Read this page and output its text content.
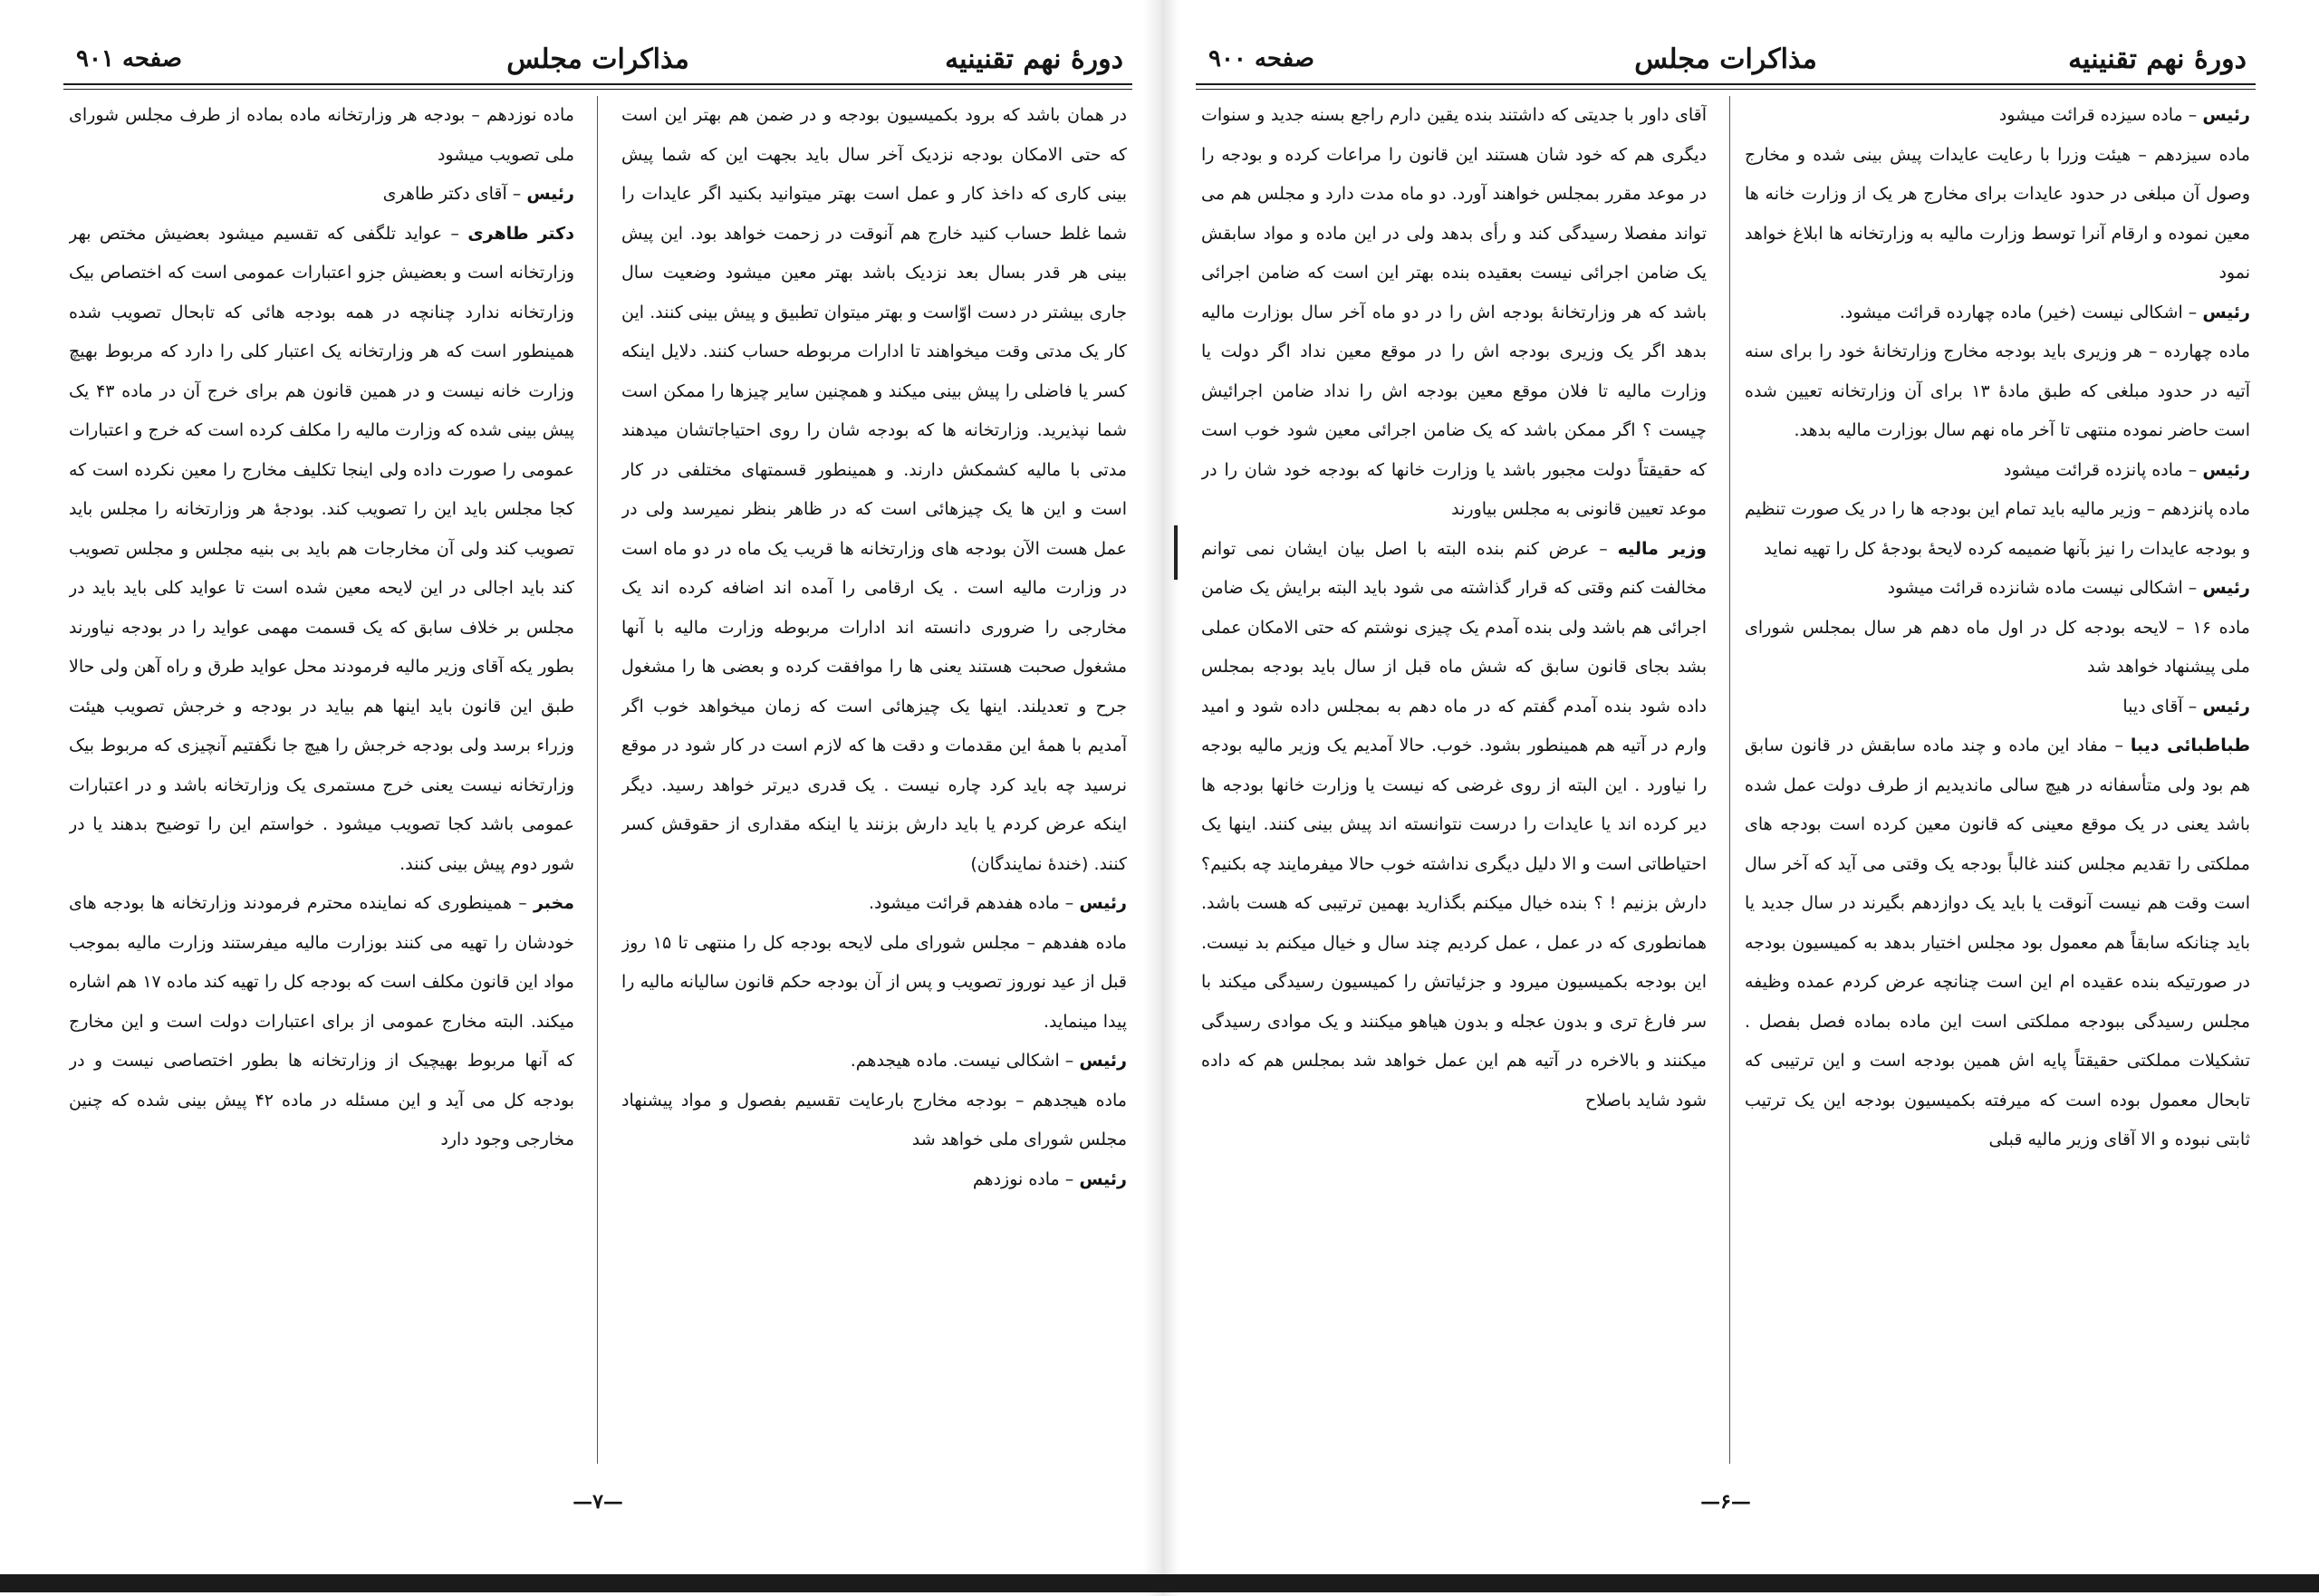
دورهٔ نهم تقنینیه
مذاکرات مجلس
صفحه ۹۰۱

در همان باشد که برود بکمیسیون بودجه و در ضمن هم بهتر این است که حتی الامکان بودجه نزدیک آخر سال باید بجهت این که شما پیش بینی کاری که داخذ کار و عمل است بهتر میتوانید بکنید اگر عایدات را شما غلط حساب کنید خارج هم آنوقت در زحمت خواهد بود. این پیش بینی هر قدر بسال بعد نزدیک باشد بهتر معین میشود وضعیت سال جاری بیشتر در دست اوّاست و بهتر میتوان تطبیق و پیش بینی کنند. این کار یک مدتی وقت میخواهند تا ادارات مربوطه حساب کنند. دلایل اینکه کسر یا فاضلی را پیش بینی میکند و همچنین سایر چیزها را ممکن است شما نپذیرید. وزارتخانه ها که بودجه شان را روی احتیاجاتشان میدهند مدتی با مالیه کشمکش دارند. و همینطور قسمتهای مختلفی در کار است و این ها یک چیزهائی است که در ظاهر بنظر نمیرسد ولی در عمل هست الآن بودجه های وزارتخانه ها قریب یک ماه در دو ماه است در وزارت مالیه است . یک ارقامی را آمده اند اضافه کرده اند یک مخارجی را ضروری دانسته اند ادارات مربوطه وزارت مالیه با آنها مشغول صحبت هستند یعنی ها را موافقت کرده و بعضی ها را مشغول جرح و تعدیلند. اینها یک چیزهائی است که زمان میخواهد خوب اگر آمدیم با همهٔ این مقدمات و دقت ها که لازم است در کار شود در موقع نرسید چه باید کرد چاره نیست . یک قدری دیرتر خواهد رسید. دیگر اینکه عرض کردم یا باید دارش بزنند یا اینکه مقداری از حقوقش کسر کنند. (خندهٔ نمایندگان)

رئیس – ماده هفدهم قرائت میشود.

ماده هفدهم – مجلس شورای ملی لایحه بودجه کل را منتهی تا ۱۵ روز قبل از عید نوروز تصویب و پس از آن بودجه حکم قانون سالیانه مالیه را پیدا مینماید.

رئیس – اشکالی نیست. ماده هیجدهم.

ماده هیجدهم – بودجه مخارج بارعایت تقسیم بفصول و مواد پیشنهاد مجلس شورای ملی خواهد شد

رئیس – ماده نوزدهم

ماده نوزدهم – بودجه هر وزارتخانه ماده بماده از طرف مجلس شورای ملی تصویب میشود

رئیس – آقای دکتر طاهری

دکتر طاهری – عواید تلگفی که تقسیم میشود بعضیش مختص بهر وزارتخانه است و بعضیش جزو اعتبارات عمومی است که اختصاص بیک وزارتخانه ندارد چنانچه در همه بودجه هائی که تابحال تصویب شده همینطور است که هر وزارتخانه یک اعتبار کلی را دارد که مربوط بهیچ وزارت خانه نیست و در همین قانون هم برای خرج آن در ماده ۴۳ یک پیش بینی شده که وزارت مالیه را مکلف کرده است که خرج و اعتبارات عمومی را صورت داده ولی اینجا تکلیف مخارج را معین نکرده است که کجا مجلس باید این را تصویب کند. بودجهٔ هر وزارتخانه را مجلس باید تصویب کند ولی آن مخارجات هم باید بی بنیه مجلس و مجلس تصویب کند باید اجالی در این لایحه معین شده است تا عواید کلی باید باید در مجلس بر خلاف سابق که یک قسمت مهمی عواید را در بودجه نیاورند بطور یکه آقای وزیر مالیه فرمودند محل عواید طرق و راه آهن ولی حالا طبق این قانون باید اینها هم بیاید در بودجه و خرجش تصویب هیئت وزراء برسد ولی بودجه خرجش را هیچ جا نگفتیم آنچیزی که مربوط بیک وزارتخانه نیست یعنی خرج مستمری یک وزارتخانه باشد و در اعتبارات عمومی باشد کجا تصویب میشود . خواستم این را توضیح بدهند یا در شور دوم پیش بینی کنند.

مخبر – همینطوری که نماینده محترم فرمودند وزارتخانه ها بودجه های خودشان را تهیه می کنند بوزارت مالیه میفرستند وزارت مالیه بموجب مواد این قانون مکلف است که بودجه کل را تهیه کند ماده ۱۷ هم اشاره میکند. البته مخارج عمومی از برای اعتبارات دولت است و این مخارج که آنها مربوط بهیچیک از وزارتخانه ها بطور اختصاصی نیست و در بودجه کل می آید و این مسئله در ماده ۴۲ پیش بینی شده که چنین مخارجی وجود دارد

—۷—
دورهٔ نهم تقنینیه
مذاکرات مجلس
صفحه ۹۰۰

رئیس – ماده سیزده قرائت میشود

ماده سیزدهم – هیئت وزرا با رعایت عایدات پیش بینی شده و مخارج وصول آن مبلغی در حدود عایدات برای مخارج هر یک از وزارت خانه ها معین نموده و ارقام آنرا توسط وزارت مالیه به وزارتخانه ها ابلاغ خواهد نمود

رئیس – اشکالی نیست (خیر) ماده چهارده قرائت میشود.

ماده چهارده – هر وزیری باید بودجه مخارج وزارتخانهٔ خود را برای سنه آتیه در حدود مبلغی که طبق مادهٔ ۱۳ برای آن وزارتخانه تعیین شده است حاضر نموده منتهی تا آخر ماه نهم سال بوزارت مالیه بدهد.

رئیس – ماده پانزده قرائت میشود

ماده پانزدهم – وزیر مالیه باید تمام این بودجه ها را در یک صورت تنظیم و بودجه عایدات را نیز بآنها ضمیمه کرده لایحهٔ بودجهٔ کل را تهیه نماید

رئیس – اشکالی نیست ماده شانزده قرائت میشود

ماده ۱۶ – لایحه بودجه کل در اول ماه دهم هر سال بمجلس شورای ملی پیشنهاد خواهد شد

رئیس – آقای دیبا

طباطبائی دیبا – مفاد این ماده و چند ماده سابقش در قانون سابق هم بود ولی متأسفانه در هیچ سالی ماندیدیم از طرف دولت عمل شده باشد یعنی در یک موقع معینی که قانون معین کرده است بودجه های مملکتی را تقدیم مجلس کنند غالباً بودجه یک وقتی می آید که آخر سال است وقت هم نیست آنوقت یا باید یک دوازدهم بگیرند در سال جدید یا باید چنانکه سابقاً هم معمول بود مجلس اختیار بدهد به کمیسیون بودجه در صورتیکه بنده عقیده ام این است چنانچه عرض کردم عمده وظیفه مجلس رسیدگی ببودجه مملکتی است این ماده بماده فصل بفصل . تشکیلات مملکتی حقیقتاً پایه اش همین بودجه است و این ترتیبی که تابحال معمول بوده است که میرفته بکمیسیون بودجه این یک ترتیب ثابتی نبوده و الا آقای وزیر مالیه قبلی

آقای داور با جدیتی که داشتند بنده یقین دارم راجع بسنه جدید و سنوات دیگری هم که خود شان هستند این قانون را مراعات کرده و بودجه را در موعد مقرر بمجلس خواهند آورد. دو ماه مدت دارد و مجلس هم می تواند مفصلا رسیدگی کند و رأی بدهد ولی در این ماده و مواد سابقش یک ضامن اجرائی نیست بعقیده بنده بهتر این است که ضامن اجرائی باشد که هر وزارتخانهٔ بودجه اش را در دو ماه آخر سال بوزارت مالیه بدهد اگر یک وزیری بودجه اش را در موقع معین نداد اگر دولت یا وزارت مالیه تا فلان موقع معین بودجه اش را نداد ضامن اجرائیش چیست ؟ اگر ممکن باشد که یک ضامن اجرائی معین شود خوب است که حقیقتاً دولت مجبور باشد یا وزارت خانها که بودجه خود شان را در موعد تعیین قانونی به مجلس بیاورند

وزیر مالیه – عرض کنم بنده البته با اصل بیان ایشان نمی توانم مخالفت کنم وقتی که قرار گذاشته می شود باید البته برایش یک ضامن اجرائی هم باشد ولی بنده آمدم یک چیزی نوشتم که حتی الامکان عملی بشد بجای قانون سابق که شش ماه قبل از سال باید بودجه بمجلس داده شود بنده آمدم گفتم که در ماه دهم به بمجلس داده شود و امید وارم در آتیه هم همینطور بشود. خوب. حالا آمدیم یک وزیر مالیه بودجه را نیاورد . این البته از روی غرضی که نیست یا وزارت خانها بودجه ها دیر کرده اند یا عایدات را درست نتوانسته اند پیش بینی کنند. اینها یک احتیاطاتی است و الا دلیل دیگری نداشته خوب حالا میفرمایند چه بکنیم؟ دارش بزنیم ! ؟ بنده خیال میکنم بگذارید بهمین ترتیبی که هست باشد. همانطوری که در عمل ، عمل کردیم چند سال و خیال میکنم بد نیست. این بودجه بکمیسیون میرود و جزئیاتش را کمیسیون رسیدگی میکند با سر فارغ تری و بدون عجله و بدون هیاهو میکنند و یک موادی رسیدگی میکنند و بالاخره در آتیه هم این عمل خواهد شد بمجلس هم که داده شود شاید باصلاح

—۶—
